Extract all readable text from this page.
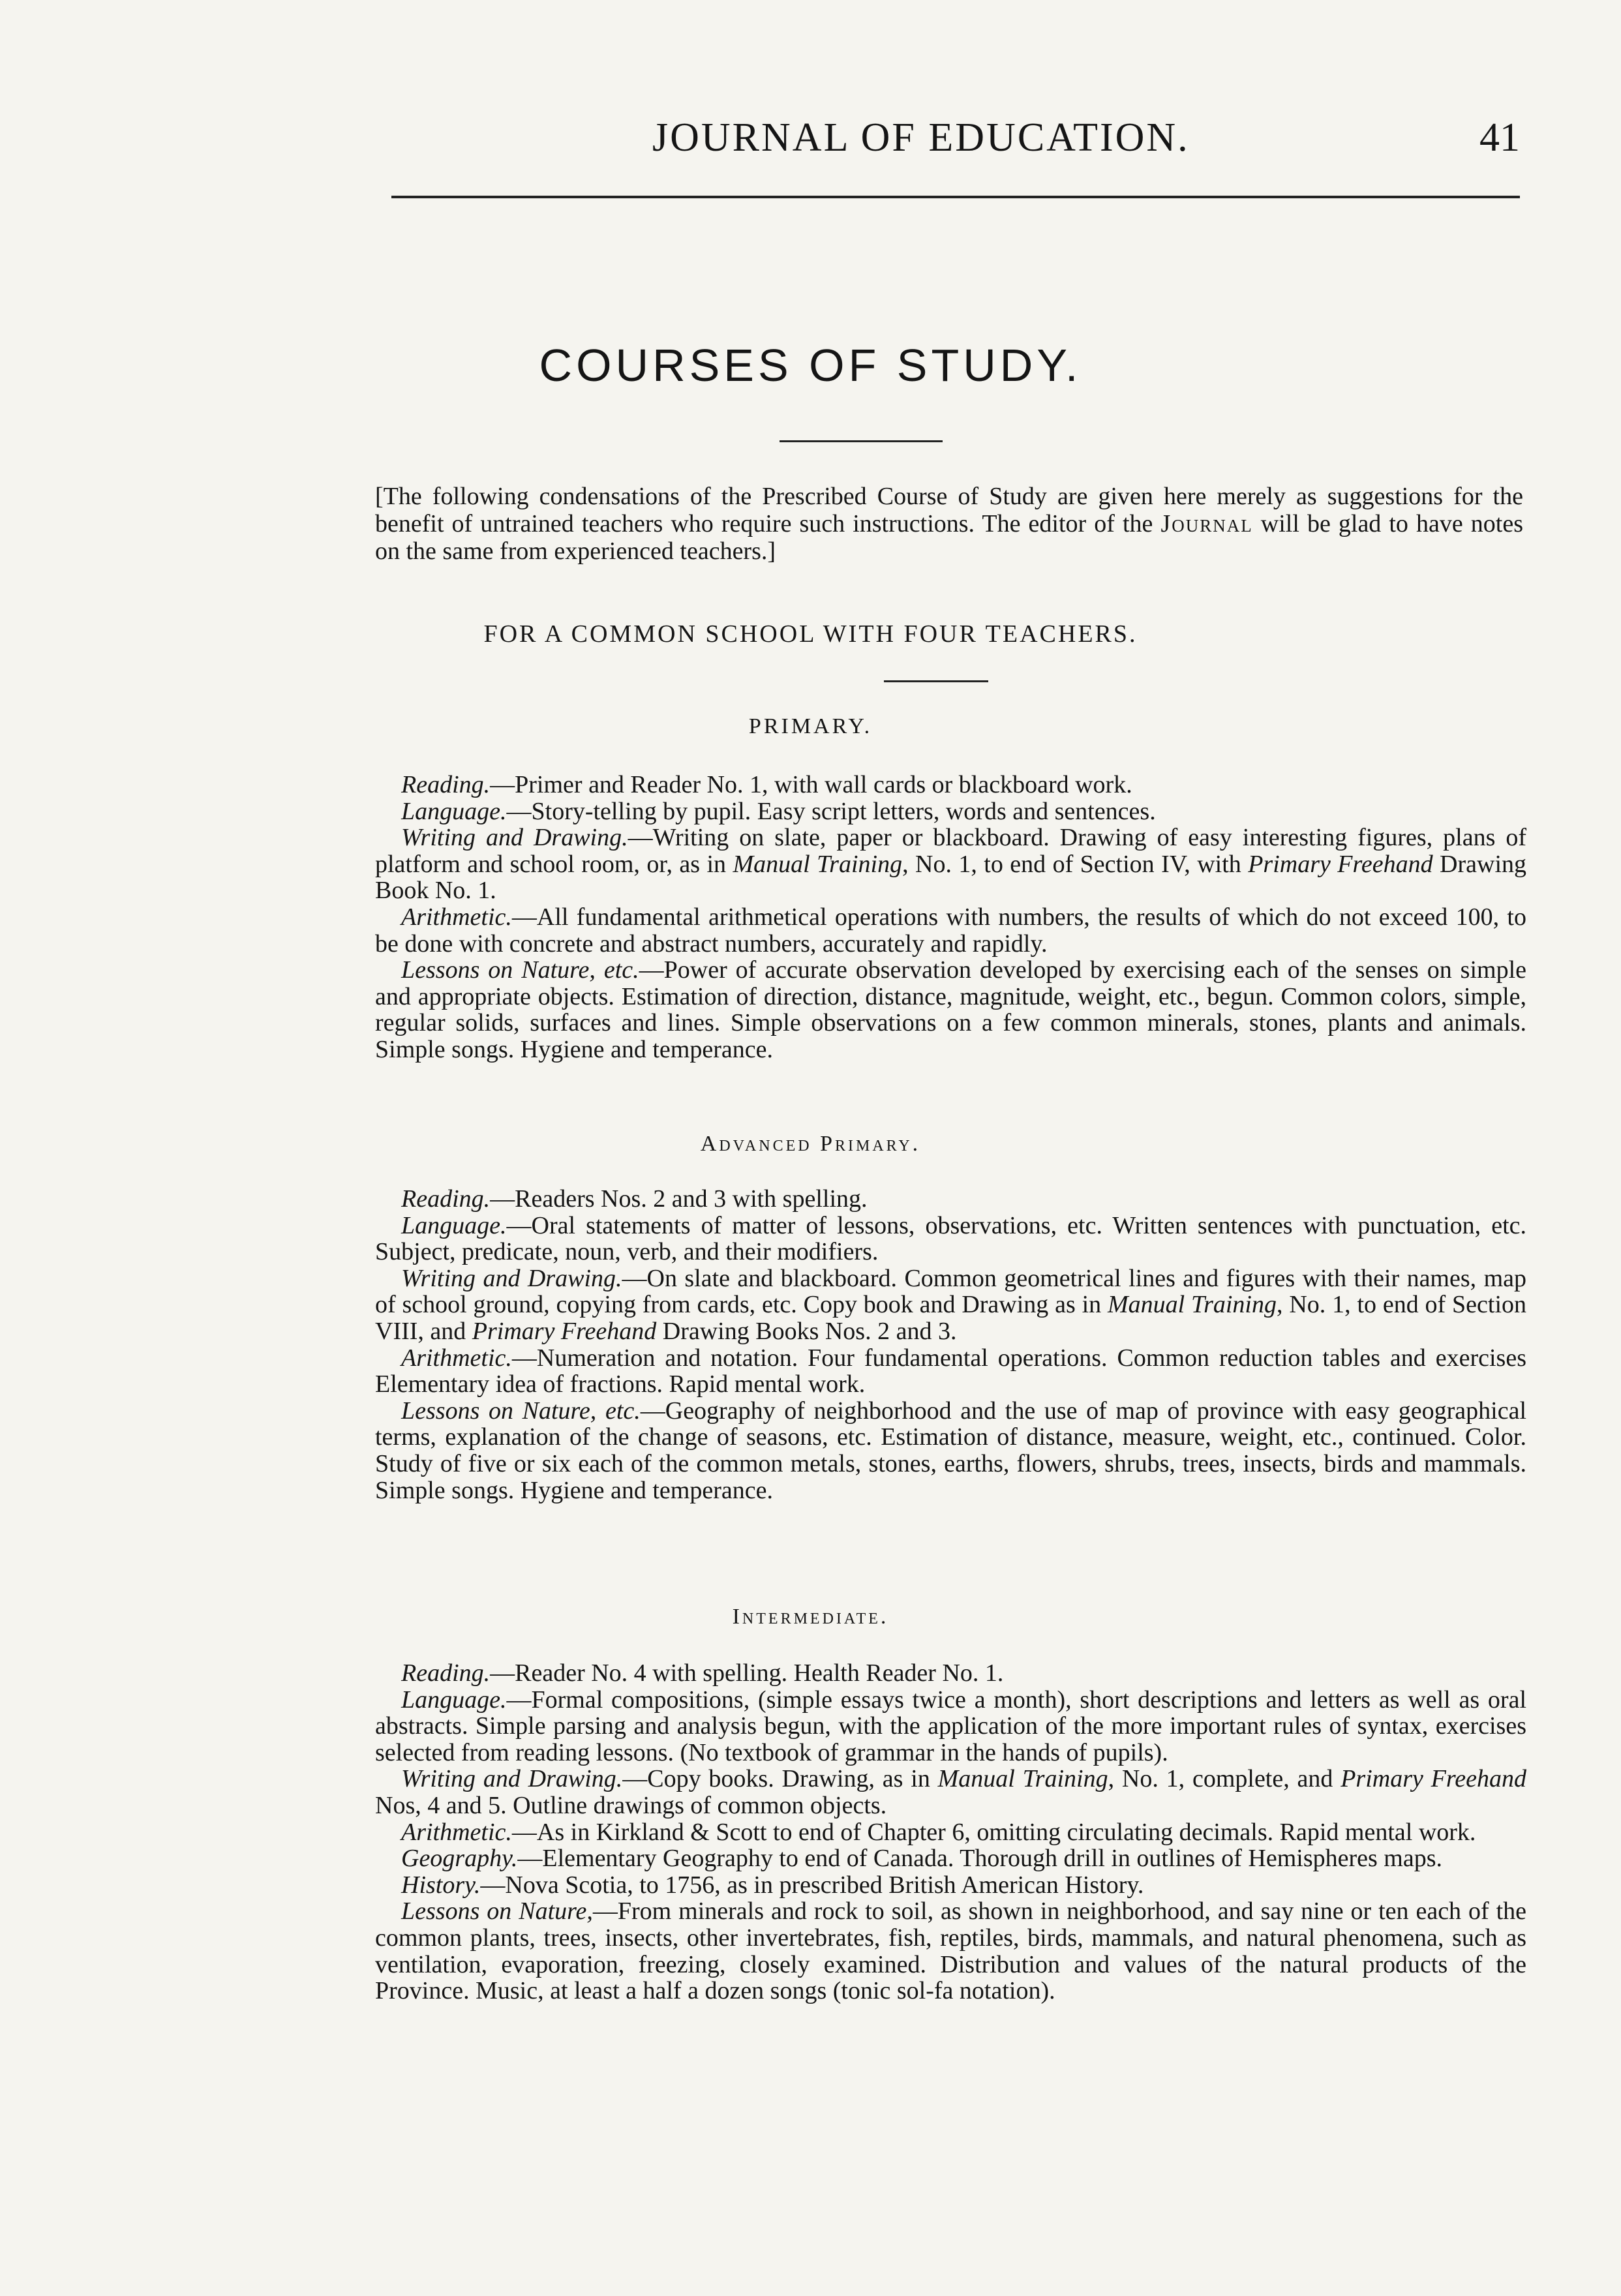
JOURNAL OF EDUCATION.	41
COURSES OF STUDY.
[The following condensations of the Prescribed Course of Study are given here merely as suggestions for the benefit of untrained teachers who require such instructions. The editor of the Journal will be glad to have notes on the same from experienced teachers.]
FOR A COMMON SCHOOL WITH FOUR TEACHERS.
PRIMARY.

Reading.—Primer and Reader No. 1, with wall cards or blackboard work.

Language.—Story-telling by pupil. Easy script letters, words and sentences.

Writing and Drawing.—Writing on slate, paper or blackboard. Drawing of easy interesting figures, plans of platform and school room, or, as in Manual Training, No. 1, to end of Section IV, with Primary Freehand Drawing Book No. 1.

Arithmetic.—All fundamental arithmetical operations with numbers, the results of which do not exceed 100, to be done with concrete and abstract numbers, accurately and rapidly.

Lessons on Nature, etc.—Power of accurate observation developed by exercising each of the senses on simple and appropriate objects. Estimation of direction, distance, magnitude, weight, etc., begun. Common colors, simple, regular solids, surfaces and lines. Simple observations on a few common minerals, stones, plants and animals. Simple songs. Hygiene and temperance.

Advanced Primary.

Reading.—Readers Nos. 2 and 3 with spelling.

Language.—Oral statements of matter of lessons, observations, etc. Written sentences with punctuation, etc. Subject, predicate, noun, verb, and their modifiers.

Writing and Drawing.—On slate and blackboard. Common geometrical lines and figures with their names, map of school ground, copying from cards, etc. Copy book and Drawing as in Manual Training, No. 1, to end of Section VIII, and Primary Freehand Drawing Books Nos. 2 and 3.

Arithmetic.—Numeration and notation. Four fundamental operations. Common reduction tables and exercises Elementary idea of fractions. Rapid mental work.

Lessons on Nature, etc.—Geography of neighborhood and the use of map of province with easy geographical terms, explanation of the change of seasons, etc. Estimation of distance, measure, weight, etc., continued. Color. Study of five or six each of the common metals, stones, earths, flowers, shrubs, trees, insects, birds and mammals. Simple songs. Hygiene and temperance.

Intermediate.

Reading.—Reader No. 4 with spelling. Health Reader No. 1.

Language.—Formal compositions, (simple essays twice a month), short descriptions and letters as well as oral abstracts. Simple parsing and analysis begun, with the application of the more important rules of syntax, exercises selected from reading lessons. (No textbook of grammar in the hands of pupils).

Writing and Drawing.—Copy books. Drawing, as in Manual Training, No. 1, complete, and Primary Freehand Nos, 4 and 5. Outline drawings of common objects.

Arithmetic.—As in Kirkland & Scott to end of Chapter 6, omitting circulating decimals. Rapid mental work.

Geography.—Elementary Geography to end of Canada. Thorough drill in outlines of Hemispheres maps.

History.—Nova Scotia, to 1756, as in prescribed British American History.

Lessons on Nature,—From minerals and rock to soil, as shown in neighborhood, and say nine or ten each of the common plants, trees, insects, other invertebrates, fish, reptiles, birds, mammals, and natural phenomena, such as ventilation, evaporation, freezing, closely examined. Distribution and values of the natural products of the Province. Music, at least a half a dozen songs (tonic sol-fa notation).
